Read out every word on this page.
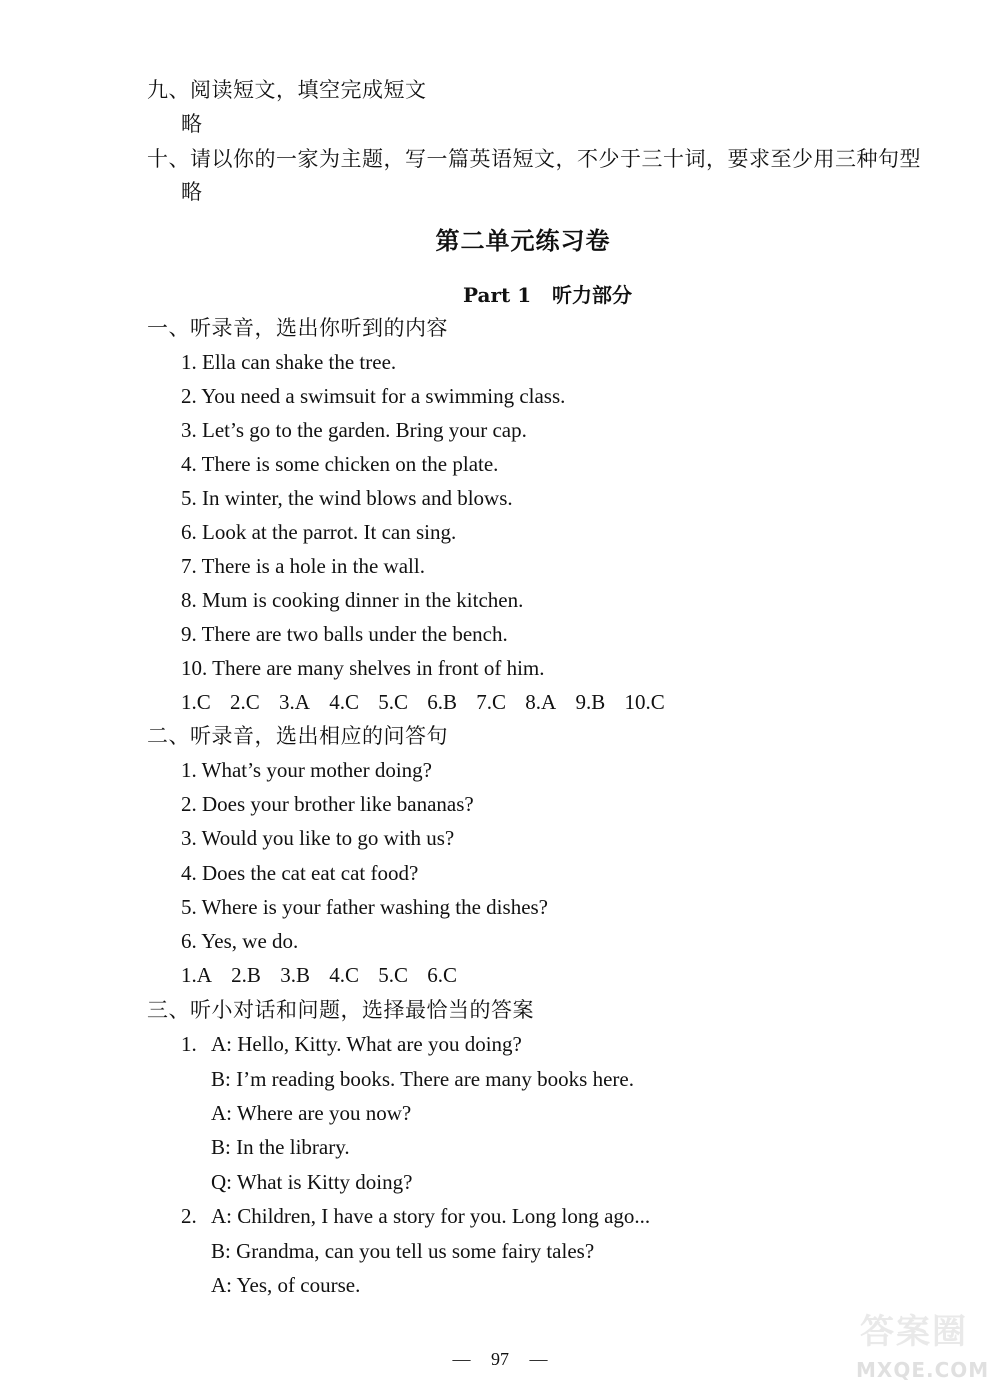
九、阅读短文，填空完成短文
略
十、请以你的一家为主题，写一篇英语短文，不少于三十词，要求至少用三种句型
略
第二单元练习卷
Part 1   听力部分
一、听录音，选出你听到的内容
1. Ella can shake the tree.
2. You need a swimsuit for a swimming class.
3. Let’s go to the garden. Bring your cap.
4. There is some chicken on the plate.
5. In winter, the wind blows and blows.
6. Look at the parrot. It can sing.
7. There is a hole in the wall.
8. Mum is cooking dinner in the kitchen.
9. There are two balls under the bench.
10. There are many shelves in front of him.
1.C 2.C 3.A 4.C 5.C 6.B 7.C 8.A 9.B 10.C
二、听录音，选出相应的问答句
1. What’s your mother doing?
2. Does your brother like bananas?
3. Would you like to go with us?
4. Does the cat eat cat food?
5. Where is your father washing the dishes?
6. Yes, we do.
1.A 2.B 3.B 4.C 5.C 6.C
三、听小对话和问题，选择最恰当的答案
1. A: Hello, Kitty. What are you doing?
B: I’m reading books. There are many books here.
A: Where are you now?
B: In the library.
Q: What is Kitty doing?
2. A: Children, I have a story for you. Long long ago...
B: Grandma, can you tell us some fairy tales?
A: Yes, of course.
— 97 —
答案圈
MXQE.COM
